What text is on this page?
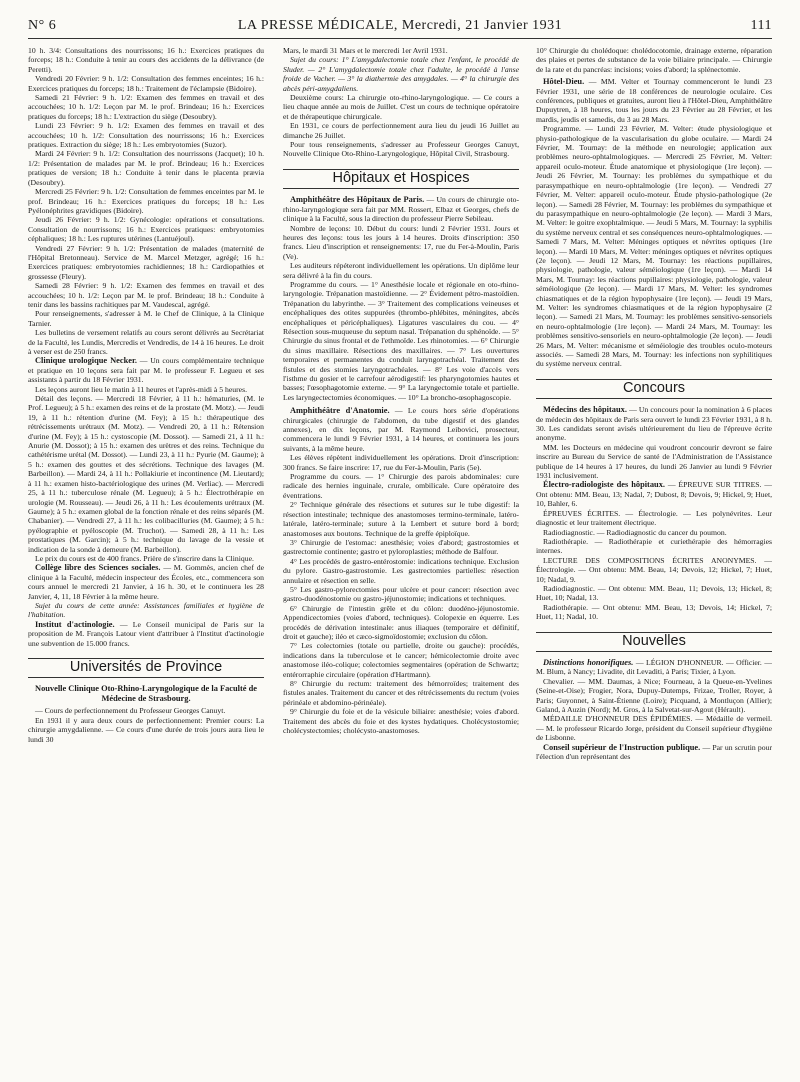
N° 6	LA PRESSE MÉDICALE, Mercredi, 21 Janvier 1931	111

10 h. 3/4: Consultations des nourrissons; 16 h.: Exercices pratiques du forceps; 18 h.: Conduite à tenir au cours des accidents de la délivrance (de Peretti).

Vendredi 20 Février: 9 h. 1/2: Consultation des femmes enceintes; 16 h.: Exercices pratiques du forceps; 18 h.: Traitement de l'éclampsie (Bidoire).

Samedi 21 Février: 9 h. 1/2: Examen des femmes en travail et des accouchées; 10 h. 1/2: Leçon par M. le prof. Brindeau; 16 h.: Exercices pratiques du forceps; 18 h.: L'extraction du siège (Desoubry).

Lundi 23 Février: 9 h. 1/2: Examen des femmes en travail et des accouchées; 10 h. 1/2: Consultation des nourrissons; 16 h.: Exercices pratiques. Extraction du siège; 18 h.: Les embryotomies (Suzor).

Mardi 24 Février: 9 h. 1/2: Consultation des nourrissons (Jacquet); 10 h. 1/2: Présentation de malades par M. le prof. Brindeau; 16 h.: Exercices pratiques de version; 18 h.: Conduite à tenir dans le placenta prævia (Desoubry).

Mercredi 25 Février: 9 h. 1/2: Consultation de femmes enceintes par M. le prof. Brindeau; 16 h.: Exercices pratiques du forceps; 18 h.: Les Pyélonéphrites gravidiques (Bidoire).

Jeudi 26 Février: 9 h. 1/2: Gynécologie: opérations et consultations. Consultation de nourrissons; 16 h.: Exercices pratiques: embryotomies céphaliques; 18 h.: Les ruptures utérines (Lantuéjoul).

Vendredi 27 Février: 9 h. 1/2: Présentation de malades (maternité de l'Hôpital Bretonneau). Service de M. Marcel Metzger, agrégé; 16 h.: Exercices pratiques: embryotomies rachidiennes; 18 h.: Cardiopathies et grossesse (Fleury).

Samedi 28 Février: 9 h. 1/2: Examen des femmes en travail et des accouchées; 10 h. 1/2: Leçon par M. le prof. Brindeau; 18 h.: Conduite à tenir dans les bassins rachitiques par M. Vaudescal, agrégé.

Pour renseignements, s'adresser à M. le Chef de Clinique, à la Clinique Tarnier.

Les bulletins de versement relatifs au cours seront délivrés au Secrétariat de la Faculté, les Lundis, Mercredis et Vendredis, de 14 à 16 heures. Le droit à verser est de 250 francs.

Clinique urologique Necker. — Un cours complémentaire technique et pratique en 10 leçons sera fait par M. le professeur F. Legueu et ses assistants à partir du 18 Février 1931.

Les leçons auront lieu le matin à 11 heures et l'après-midi à 5 heures.

Détail des leçons. — Mercredi 18 Février, à 11 h.: hématuries, (M. le Prof. Legueu); à 5 h.: examen des reins et de la prostate (M. Motz). — Jeudi 19, à 11 h.: rétention d'urine (M. Fey); à 15 h.: thérapeutique des rétrécissements urétraux (M. Motz). — Vendredi 20, à 11 h.: Rétension d'urine (M. Fey); à 15 h.: cystoscopie (M. Dossot). — Samedi 21, à 11 h.: Anurie (M. Dossot); à 15 h.: examen des urètres et des reins. Technique du cathétérisme urétal (M. Dossot). — Lundi 23, à 11 h.: Pyurie (M. Gaume); à 5 h.: examen des gouttes et des sécrétions. Technique des lavages (M. Barbeillon). — Mardi 24, à 11 h.: Pollakiurie et incontinence (M. Lieutard); à 11 h.: examen histo-bactériologique des urines (M. Verliac). — Mercredi 25, à 11 h.: tuberculose rénale (M. Legueu); à 5 h.: Électrothérapie en urologie (M. Rousseau). — Jeudi 26, à 11 h.: Les écoulements urétraux (M. Gaume); à 5 h.: examen global de la fonction rénale et des reins séparés (M. Chabanier). — Vendredi 27, à 11 h.: les colibacilluries (M. Gaume); à 5 h.: pyélographie et pyéloscopie (M. Truchot). — Samedi 28, à 11 h.: Les prostatiques (M. Garcin); à 5 h.: technique du lavage de la vessie et indication de la sonde à demeure (M. Barbeillon).

Le prix du cours est de 400 francs. Prière de s'inscrire dans la Clinique.

Collège libre des Sciences sociales. — M. Gommès, ancien chef de clinique à la Faculté, médecin inspecteur des Écoles, etc., commencera son cours annuel le mercredi 21 Janvier, à 16 h. 30, et le continuera les 28 Janvier, 4, 11, 18 Février à la même heure.

Sujet du cours de cette année: Assistances familiales et hygiène de l'habitation.

Institut d'actinologie. — Le Conseil municipal de Paris sur la proposition de M. François Latour vient d'attribuer à l'Institut d'actinologie une subvention de 15.000 francs.

Universités de Province
Nouvelle Clinique Oto-Rhino-Laryngologique de la Faculté de Médecine de Strasbourg.

— Cours de perfectionnement du Professeur Georges Canuyt.

En 1931 il y aura deux cours de perfectionnement: Premier cours: La chirurgie amygdalienne. — Ce cours d'une durée de trois jours aura lieu le lundi 30

Mars, le mardi 31 Mars et le mercredi 1er Avril 1931.

Sujet du cours: 1° L'amygdalectomie totale chez l'enfant, le procédé de Sluder. — 2° L'amygdalectomie totale chez l'adulte, le procédé à l'anse froide de Vacher. — 3° la diathermie des amygdales. — 4° la chirurgie des abcès péri-amygdaliens.

Deuxième cours: La chirurgie oto-rhino-laryngologique. — Ce cours a lieu chaque année au mois de Juillet. C'est un cours de technique opératoire et de thérapeutique chirurgicale.

En 1931, ce cours de perfectionnement aura lieu du jeudi 16 Juillet au dimanche 26 Juillet.

Pour tous renseignements, s'adresser au Professeur Georges Canuyt, Nouvelle Clinique Oto-Rhino-Laryngologique, Hôpital Civil, Strasbourg.

Hôpitaux et Hospices

Amphithéâtre des Hôpitaux de Paris. — Un cours de chirurgie oto-rhino-laryngologique sera fait par MM. Rossert, Elbaz et Georges, chefs de clinique à la Faculté, sous la direction du professeur Pierre Sebileau.

Nombre de leçons: 10. Début du cours: lundi 2 Février 1931. Jours et heures des leçons: tous les jours à 14 heures. Droits d'inscription: 350 francs. Lieu d'inscription et renseignements: 17, rue du Fer-à-Moulin, Paris (Ve).

Les auditeurs répéteront individuellement les opérations. Un diplôme leur sera délivré à la fin du cours.

Programme du cours. — 1° Anesthésie locale et régionale en oto-rhino-laryngologie. Trépanation mastoïdienne. — 2° Évidement pétro-mastoïdien. Trépanation du labyrinthe. — 3° Traitement des complications veineuses et encéphaliques des otites suppurées (thrombo-phlébites, méningites, abcès encéphaliques et péricéphaliques). Ligatures vasculaires du cou. — 4° Résection sous-muqueuse du septum nasal. Trépanation du sphénoïde. — 5° Chirurgie du sinus frontal et de l'ethmoïde. Les rhinotomies. — 6° Chirurgie du sinus maxillaire. Résections des maxillaires. — 7° Les ouvertures temporaires et permanentes du conduit laryngotrachéal. Traitement des fistules et des stomies laryngotrachéales. — 8° Les voie d'accès vers l'isthme du gosier et le carrefour aérodigestif: les pharyngotomies hautes et basses; l'œsophagotomie externe. — 9° La laryngectomie totale et partielle. Les laryngectectomies économiques. — 10° La broncho-œsophagoscopie.

Amphithéâtre d'Anatomie. — Le cours hors série d'opérations chirurgicales (chirurgie de l'abdomen, du tube digestif et des glandes annexes), en dix leçons, par M. Raymond Leibovici, prosecteur, commencera le lundi 9 Février 1931, à 14 heures, et continuera les jours suivants, à la même heure.

Les élèves répètent individuellement les opérations. Droit d'inscription: 300 francs. Se faire inscrire: 17, rue du Fer-à-Moulin, Paris (5e).

Programme du cours. — 1° Chirurgie des parois abdominales: cure radicale des hernies inguinale, crurale, ombilicale. Cure opératoire des éventrations.

2° Technique générale des résections et sutures sur le tube digestif: la résection intestinale; technique des anastomoses termino-terminale, latéro-latérale, latéro-terminale; suture à la Lembert et suture bord à bord; anastomoses aux boutons. Technique de la greffe épiploïque.

3° Chirurgie de l'estomac: anesthésie; voies d'abord; gastrostomies et gastrectomie continente; gastro et pyloroplasties; méthode de Balfour.

4° Les procédés de gastro-entérostomie: indications technique. Exclusion du pylore. Gastro-gastrostomie. Les gastrectomies partielles: résection annulaire et résection en selle.

5° Les gastro-pylorectomies pour ulcère et pour cancer: résection avec gastro-duodénostomie ou gastro-jéjunostomie; indications et techniques.

6° Chirurgie de l'intestin grêle et du côlon: duodéno-jéjunostomie. Appendicectomies (voies d'abord, techniques). Colopexie en équerre. Les procédés de dérivation intestinale: anus iliaques (temporaire et définitif, droit et gauche); iléo et cæco-sigmoïdostomie; exclusion du côlon.

7° Les colectomies (totale ou partielle, droite ou gauche): procédés, indications dans la tuberculose et le cancer; hémicolectomie droite avec anastomose iléo-colique; colectomies segmentaires (opération de Schwartz; entérorraphie circulaire (opération d'Hartmann).

8° Chirurgie du rectum: traitement des hémorroïdes; traitement des fistules anales. Traitement du cancer et des rétrécissements du rectum (voies périnéale et abdomino-périnéale).

9° Chirurgie du foie et de la vésicule biliaire: anesthésie; voies d'abord. Traitement des abcès du foie et des kystes hydatiques. Cholécystostomie; cholécystectomies; cholécysto-anastomoses.

10° Chirurgie du cholédoque: cholédocotomie, drainage externe, réparation des plaies et pertes de substance de la voie biliaire principale. — Chirurgie de la rate et du pancréas: incisions; voies d'abord; la splénectomie.

Hôtel-Dieu. — MM. Velter et Tournay commenceront le lundi 23 Février 1931, une série de 18 conférences de neurologie oculaire. Ces conférences, publiques et gratuites, auront lieu à l'Hôtel-Dieu, Amphithéâtre Dupuytren, à 18 heures, tous les jours du 23 Février au 28 Février, et les mardis, jeudis et samedis, du 3 au 28 Mars.

Programme. — Lundi 23 Février, M. Velter: étude physiologique et physio-pathologique de la vascularisation du globe oculaire. — Mardi 24 Février, M. Tournay: de la méthode en neurologie; application aux problèmes neuro-ophtalmologiques. — Mercredi 25 Février, M. Velter: appareil oculo-moteur. Étude anatomique et physiologique (1re leçon). — Jeudi 26 Février, M. Tournay: les problèmes du sympathique et du parasympathique en neuro-ophtalmologie (1re leçon). — Vendredi 27 Février, M. Velter: appareil oculo-moteur. Étude physio-pathologique (2e leçon). — Samedi 28 Février, M. Tournay: les problèmes du sympathique et du parasympathique en neuro-ophtalmologie (2e leçon). — Mardi 3 Mars, M. Velter: le goitre exophtalmique. — Jeudi 5 Mars, M. Tournay: la syphilis du système nerveux central et ses conséquences neuro-ophtalmologiques. — Samedi 7 Mars, M. Velter: Méninges optiques et névrites optiques (1re leçon). — Mardi 10 Mars, M. Velter: méninges optiques et névrites optiques (2e leçon). — Jeudi 12 Mars, M. Tournay: les réactions pupillaires, physiologie, pathologie, valeur séméiologique (1re leçon). — Mardi 14 Mars, M. Tournay: les réactions pupillaires: physiologie, pathologie, valeur séméiologique (2e leçon). — Mardi 17 Mars, M. Velter: les syndromes chiasmatiques et de la région hypophysaire (1re leçon). — Jeudi 19 Mars, M. Velter: les syndromes chiasmatiques et de la région hypophysaire (2 leçon). — Samedi 21 Mars, M. Tournay: les problèmes sensitivo-sensoriels en neuro-ophtalmologie (1re leçon). — Mardi 24 Mars, M. Tournay: les problèmes sensitivo-sensoriels en neuro-ophtalmologie (2e leçon). — Jeudi 26 Mars, M. Velter: mécanisme et séméiologie des troubles oculo-moteurs associés. — Samedi 28 Mars, M. Tournay: les infections non syphilitiques du système nerveux central.

Concours

Médecins des hôpitaux. — Un concours pour la nomination à 6 places de médecin des hôpitaux de Paris sera ouvert le lundi 23 Février 1931, à 8 h. 30. Les candidats seront avisés ultérieurement du lieu de l'épreuve écrite anonyme.

MM. les Docteurs en médecine qui voudront concourir devront se faire inscrire au Bureau du Service de santé de l'Administration de l'Assistance publique de 14 heures à 17 heures, du lundi 26 Janvier au lundi 9 Février 1931 inclusivement.

Électro-radiologiste des hôpitaux. — ÉPREUVE SUR TITRES. — Ont obtenu: MM. Beau, 13; Nadal, 7; Dubost, 8; Devois, 9; Hickel, 9; Huet, 10, Bahler, 6.

ÉPREUVES ÉCRITES. — Électrologie. — Les polynévrites. Leur diagnostic et leur traitement électrique.

Radiodiagnostic. — Radiodiagnostic du cancer du poumon.

Radiothérapie. — Radiothérapie et curiethérapie des hémorragies internes.

LECTURE DES COMPOSITIONS ÉCRITES ANONYMES. — Électrologie. — Ont obtenu: MM. Beau, 14; Devois, 12; Hickel, 7; Huet, 10; Nadal, 9.

Radiodiagnostic. — Ont obtenu: MM. Beau, 11; Devois, 13; Hickel, 8; Huet, 10; Nadal, 13.

Radiothérapie. — Ont obtenu: MM. Beau, 13; Devois, 14; Hickel, 7; Huet, 11; Nadal, 10.

Nouvelles

Distinctions honorifiques. — LÉGION D'HONNEUR. — Officier. — M. Blum, à Nancy; Livadite, dit Levaditi, à Paris; Tixier, à Lyon.

Chevalier. — MM. Daumas, à Nice; Fourneau, à la Queue-en-Yvelines (Seine-et-Oise); Frogier, Nora, Dupuy-Dutemps, Frizae, Troller, Royer, à Paris; Guyonnet, à Saint-Étienne (Loire); Picquand, à Montluçon (Allier); Galand, à Auzin (Nord); M. Gros, à la Salvetat-sur-Agout (Hérault).

MÉDAILLE D'HONNEUR DES ÉPIDÉMIES. — Médaille de vermeil. — M. le professeur Ricardo Jorge, président du Conseil supérieur d'hygiène de Lisbonne.

Conseil supérieur de l'Instruction publique. — Par un scrutin pour l'élection d'un représentant des
